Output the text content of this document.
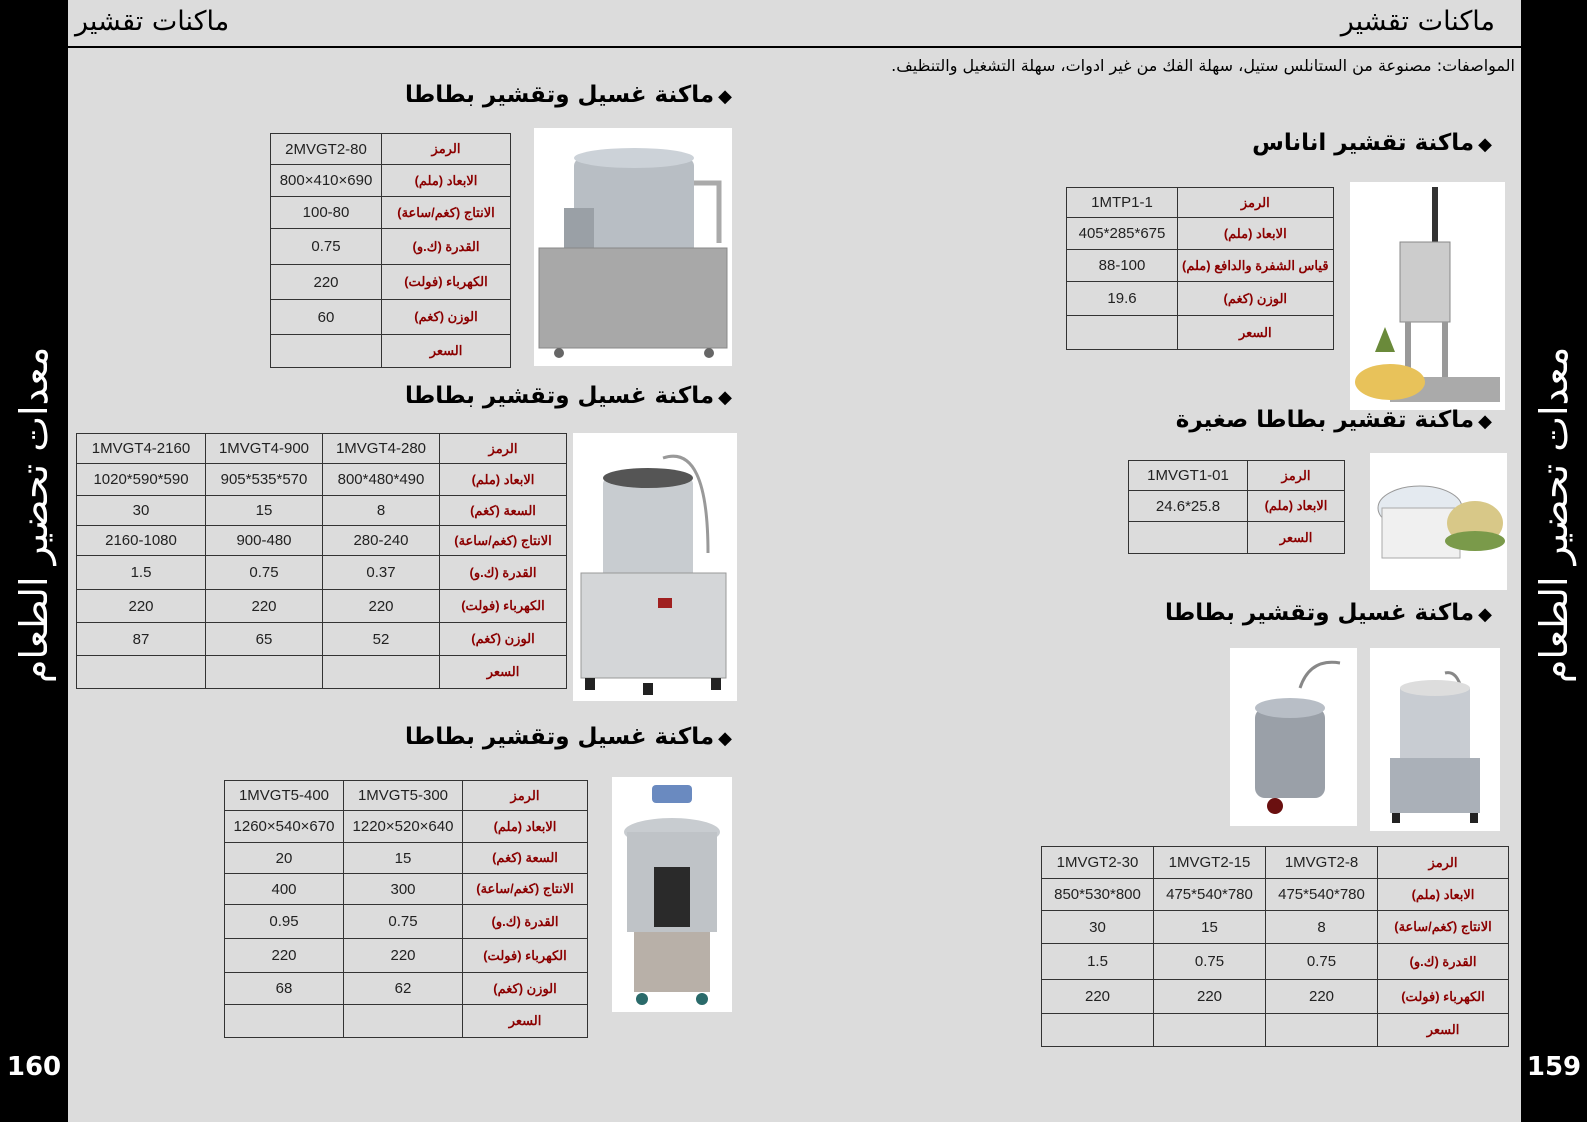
معدات تحضير الطعام
160
معدات تحضير الطعام
159
ماكنات تقشير	ماكنات تقشير
المواصفات: مصنوعة من الستانلس ستيل، سهلة الفك من غير ادوات، سهلة التشغيل والتنظيف.
◆ماكنة تقشير اناناس
1MTP1-1	الرمز
405*285*675	الابعاد (ملم)
88-100	قياس الشفرة والدافع (ملم)
19.6	الوزن (كغم)
	السعر
◆ماكنة تقشير بطاطا صغيرة
1MVGT1-01	الرمز
24.6*25.8	الابعاد (ملم)
	السعر
◆ماكنة غسيل وتقشير بطاطا
1MVGT2-30	1MVGT2-15	1MVGT2-8	الرمز
850*530*800	475*540*780	475*540*780	الابعاد (ملم)
30	15	8	الانتاج (كغم/ساعة)
1.5	0.75	0.75	القدرة (ك.و)
220	220	220	الكهرباء (فولت)
			السعر
◆ماكنة غسيل وتقشير بطاطا
2MVGT2-80	الرمز
800×410×690	الابعاد (ملم)
100-80	الانتاج (كغم/ساعة)
0.75	القدرة (ك.و)
220	الكهرباء (فولت)
60	الوزن (كغم)
	السعر
◆ماكنة غسيل وتقشير بطاطا
1MVGT4-2160	1MVGT4-900	1MVGT4-280	الرمز
1020*590*590	905*535*570	800*480*490	الابعاد (ملم)
30	15	8	السعة (كغم)
2160-1080	900-480	280-240	الانتاج (كغم/ساعة)
1.5	0.75	0.37	القدرة (ك.و)
220	220	220	الكهرباء (فولت)
87	65	52	الوزن (كغم)
			السعر
◆ماكنة غسيل وتقشير بطاطا
1MVGT5-400	1MVGT5-300	الرمز
1260×540×670	1220×520×640	الابعاد (ملم)
20	15	السعة (كغم)
400	300	الانتاج (كغم/ساعة)
0.95	0.75	القدرة (ك.و)
220	220	الكهرباء (فولت)
68	62	الوزن (كغم)
		السعر
